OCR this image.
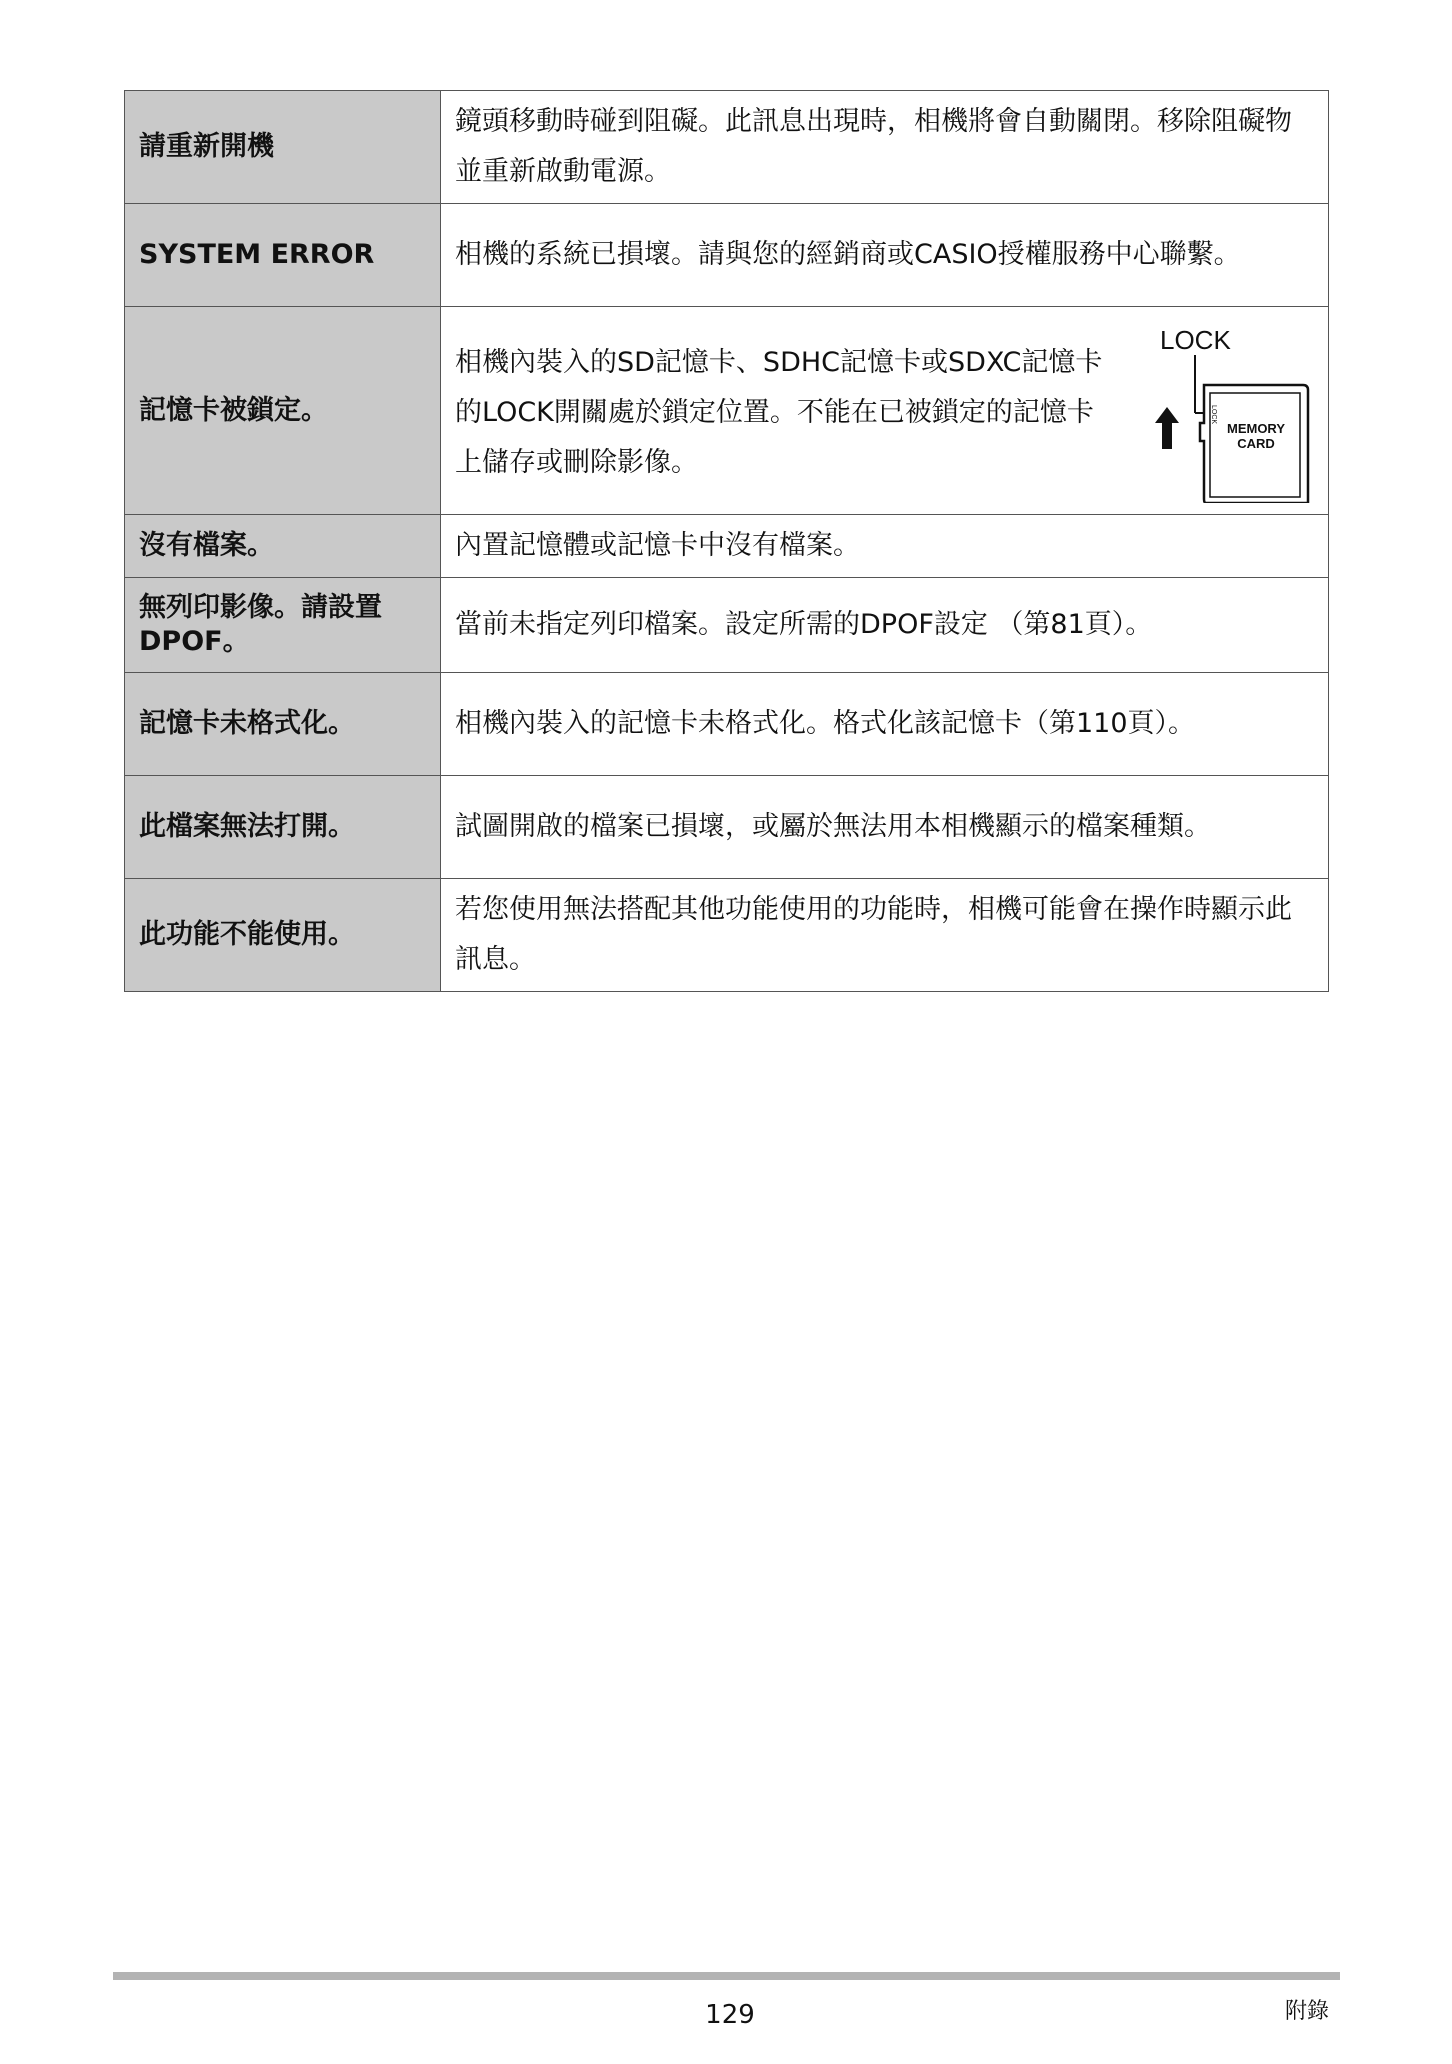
請重新開機	鏡頭移動時碰到阻礙。此訊息出現時，相機將會自動關閉。移除阻礙物並重新啟動電源。
SYSTEM ERROR	相機的系統已損壞。請與您的經銷商或CASIO授權服務中心聯繫。
記憶卡被鎖定。	相機內裝入的SD記憶卡、SDHC記憶卡或SDXC記憶卡的LOCK開關處於鎖定位置。不能在已被鎖定的記憶卡上儲存或刪除影像。
LOCK
LOCK
MEMORY
CARD

沒有檔案。	內置記憶體或記憶卡中沒有檔案。
無列印影像。請設置DPOF。	當前未指定列印檔案。設定所需的DPOF設定 （第81頁）。
記憶卡未格式化。	相機內裝入的記憶卡未格式化。格式化該記憶卡（第110頁）。
此檔案無法打開。	試圖開啟的檔案已損壞，或屬於無法用本相機顯示的檔案種類。
此功能不能使用。	若您使用無法搭配其他功能使用的功能時，相機可能會在操作時顯示此訊息。
129	附錄
